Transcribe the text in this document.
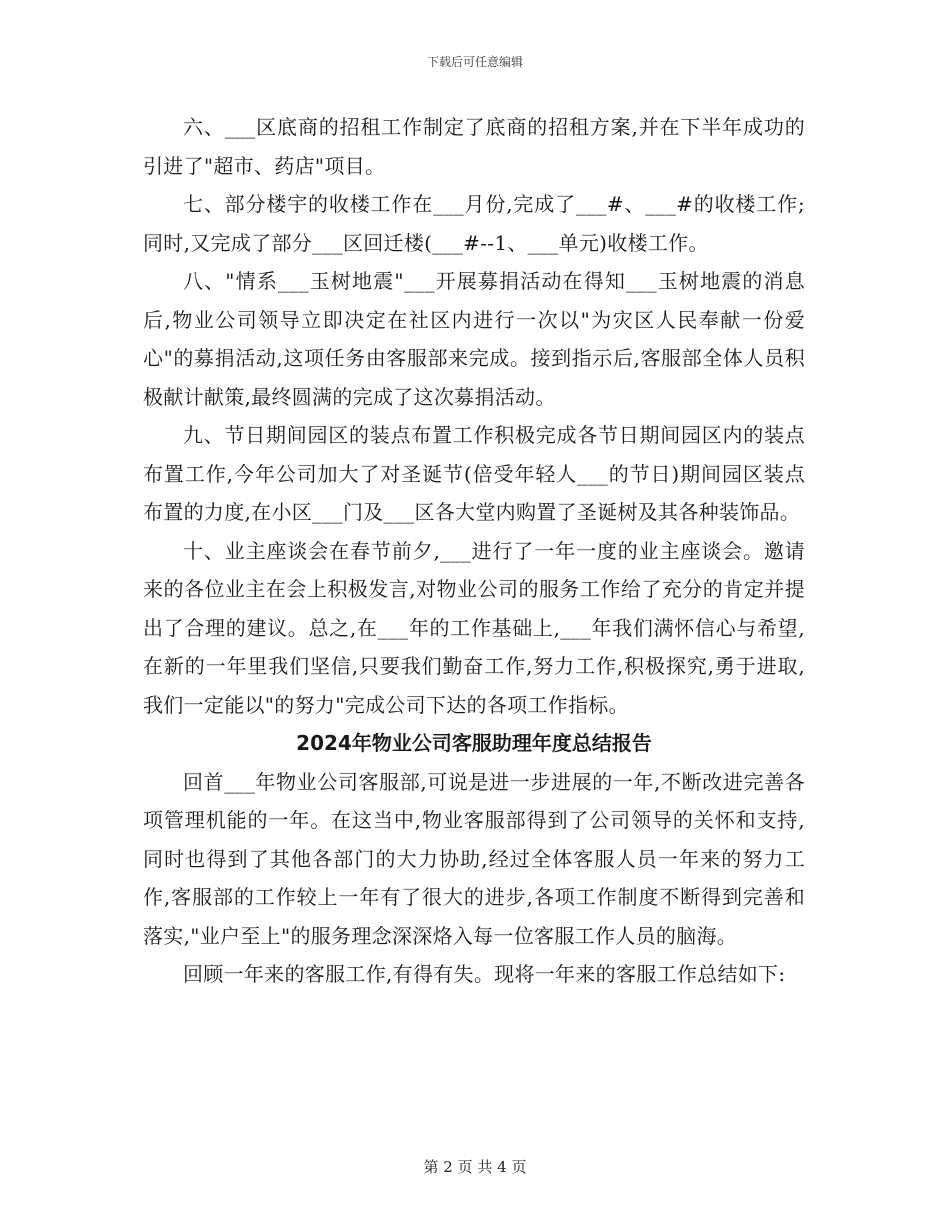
下载后可任意编辑

六、___区底商的招租工作制定了底商的招租方案,并在下半年成功的引进了"超市、药店"项目。

七、部分楼宇的收楼工作在___月份,完成了___#、___#的收楼工作;同时,又完成了部分___区回迁楼(___#--1、___单元)收楼工作。

八、"情系___玉树地震"___开展募捐活动在得知___玉树地震的消息后,物业公司领导立即决定在社区内进行一次以"为灾区人民奉献一份爱心"的募捐活动,这项任务由客服部来完成。接到指示后,客服部全体人员积极献计献策,最终圆满的完成了这次募捐活动。

九、节日期间园区的装点布置工作积极完成各节日期间园区内的装点布置工作,今年公司加大了对圣诞节(倍受年轻人___的节日)期间园区装点布置的力度,在小区___门及___区各大堂内购置了圣诞树及其各种装饰品。

十、业主座谈会在春节前夕,___进行了一年一度的业主座谈会。邀请来的各位业主在会上积极发言,对物业公司的服务工作给了充分的肯定并提出了合理的建议。总之,在___年的工作基础上,___年我们满怀信心与希望,在新的一年里我们坚信,只要我们勤奋工作,努力工作,积极探究,勇于进取,我们一定能以"的努力"完成公司下达的各项工作指标。

2024年物业公司客服助理年度总结报告

回首___年物业公司客服部,可说是进一步进展的一年,不断改进完善各项管理机能的一年。在这当中,物业客服部得到了公司领导的关怀和支持,同时也得到了其他各部门的大力协助,经过全体客服人员一年来的努力工作,客服部的工作较上一年有了很大的进步,各项工作制度不断得到完善和落实,"业户至上"的服务理念深深烙入每一位客服工作人员的脑海。

回顾一年来的客服工作,有得有失。现将一年来的客服工作总结如下:

第 2 页 共 4 页
